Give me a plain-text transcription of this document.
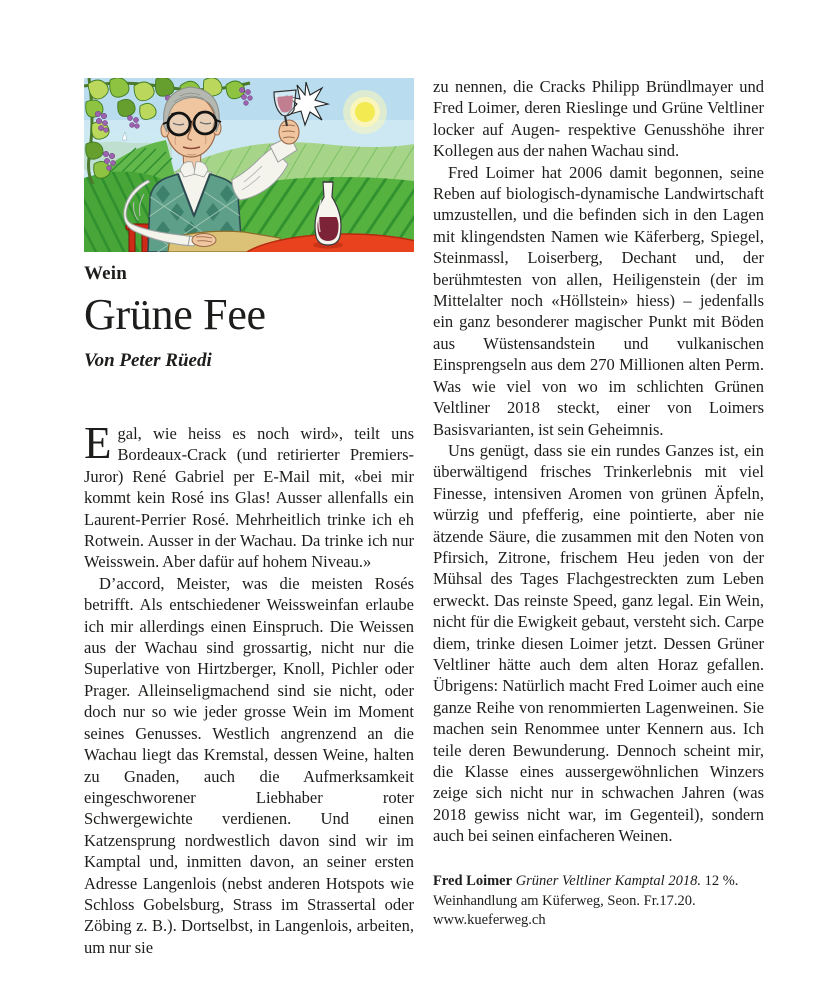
Wein
Grüne Fee
Von Peter Rüedi

Egal, wie heiss es noch wird», teilt uns Bordeaux-Crack (und retirierter Premiers-Juror) René Gabriel per E-Mail mit, «bei mir kommt kein Rosé ins Glas! Ausser allenfalls ein Laurent-Perrier Rosé. Mehrheitlich trinke ich eh Rotwein. Ausser in der Wachau. Da trinke ich nur Weisswein. Aber dafür auf hohem Niveau.»

D’accord, Meister, was die meisten Rosés betrifft. Als entschiedener Weissweinfan erlaube ich mir allerdings einen Einspruch. Die Weissen aus der Wachau sind grossartig, nicht nur die Superlative von Hirtzberger, Knoll, Pichler oder Prager. Alleinseligmachend sind sie nicht, oder doch nur so wie jeder grosse Wein im Moment seines Genusses. Westlich angrenzend an die Wachau liegt das Kremstal, dessen Weine, halten zu Gnaden, auch die Aufmerksamkeit eingeschworener Liebhaber roter Schwergewichte verdienen. Und einen Katzensprung nordwestlich davon sind wir im Kamptal und, inmitten davon, an seiner ersten Adresse Langenlois (nebst anderen Hotspots wie Schloss Gobelsburg, Strass im Strassertal oder Zöbing z. B.). Dortselbst, in Langenlois, arbeiten, um nur sie

zu nennen, die Cracks Philipp Bründlmayer und Fred Loimer, deren Rieslinge und Grüne Veltliner locker auf Augen- respektive Genusshöhe ihrer Kollegen aus der nahen Wachau sind.

Fred Loimer hat 2006 damit begonnen, seine Reben auf biologisch-dynamische Landwirtschaft umzustellen, und die befinden sich in den Lagen mit klingendsten Namen wie Käferberg, Spiegel, Steinmassl, Loiserberg, Dechant und, der berühmtesten von allen, Heiligenstein (der im Mittelalter noch «Höllstein» hiess) – jedenfalls ein ganz besonderer magischer Punkt mit Böden aus Wüstensandstein und vulkanischen Einsprengseln aus dem 270 Millionen alten Perm. Was wie viel von wo im schlichten Grünen Veltliner 2018 steckt, einer von Loimers Basisvarianten, ist sein Geheimnis.

Uns genügt, dass sie ein rundes Ganzes ist, ein überwältigend frisches Trinkerlebnis mit viel Finesse, intensiven Aromen von grünen Äpfeln, würzig und pfefferig, eine pointierte, aber nie ätzende Säure, die zusammen mit den Noten von Pfirsich, Zitrone, frischem Heu jeden von der Mühsal des Tages Flachgestreckten zum Leben erweckt. Das reinste Speed, ganz legal. Ein Wein, nicht für die Ewigkeit gebaut, versteht sich. Carpe diem, trinke diesen Loimer jetzt. Dessen Grüner Veltliner hätte auch dem alten Horaz gefallen. Übrigens: Natürlich macht Fred Loimer auch eine ganze Reihe von renommierten Lagenweinen. Sie machen sein Renommee unter Kennern aus. Ich teile deren Bewunderung. Dennoch scheint mir, die Klasse eines aussergewöhnlichen Winzers zeige sich nicht nur in schwachen Jahren (was 2018 gewiss nicht war, im Gegenteil), sondern auch bei seinen einfacheren Weinen.

Fred Loimer Grüner Veltliner Kamptal 2018. 12 %.
Weinhandlung am Küferweg, Seon. Fr.17.20.
www.kueferweg.ch
